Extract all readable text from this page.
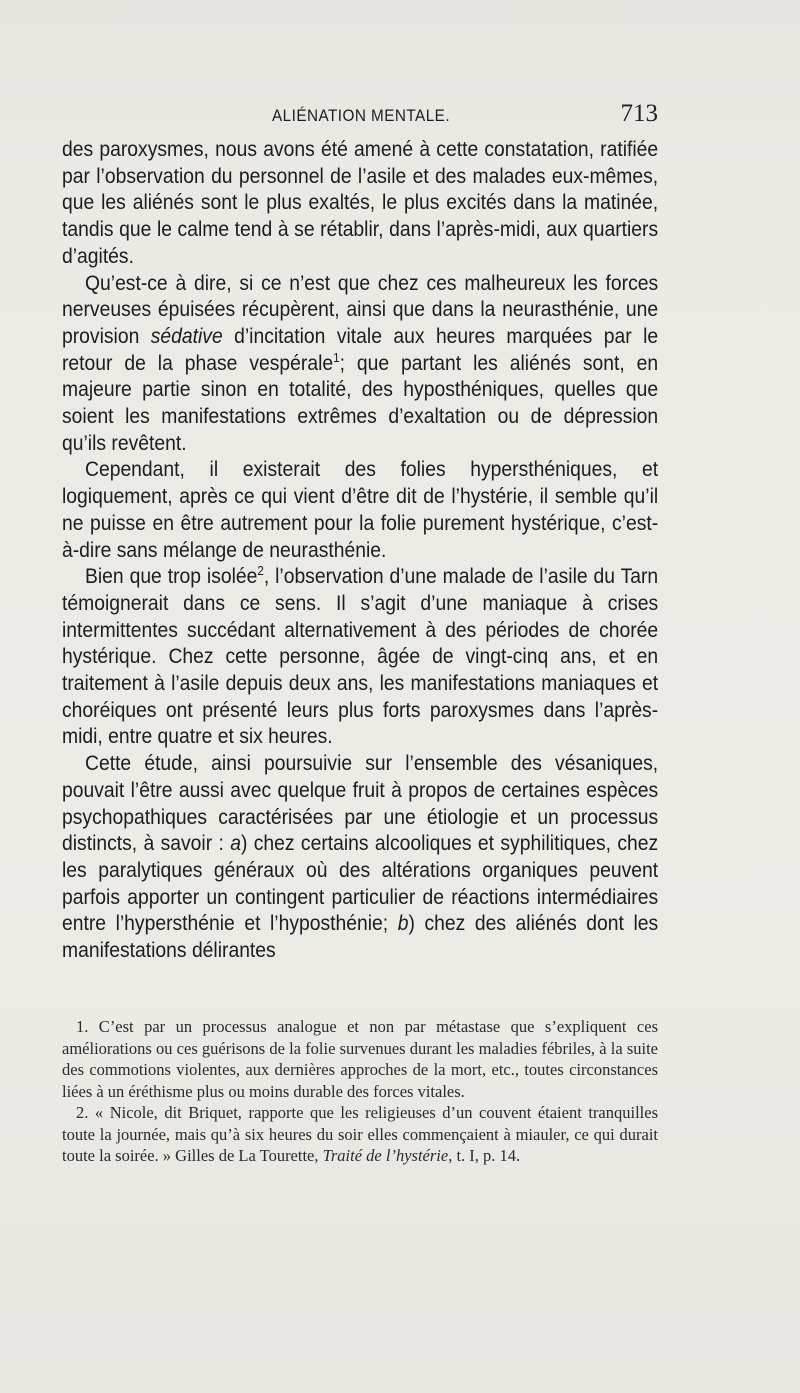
ALIÉNATION MENTALE.	713

des paroxysmes, nous avons été amené à cette constatation, ratifiée par l’observation du personnel de l’asile et des malades eux-mêmes, que les aliénés sont le plus exaltés, le plus excités dans la matinée, tandis que le calme tend à se rétablir, dans l’après-midi, aux quartiers d’agités.

Qu’est-ce à dire, si ce n’est que chez ces malheureux les forces nerveuses épuisées récupèrent, ainsi que dans la neurasthénie, une provision sédative d’incitation vitale aux heures marquées par le retour de la phase vespérale$^1$; que partant les aliénés sont, en majeure partie sinon en totalité, des hyposthéniques, quelles que soient les manifestations extrêmes d’exaltation ou de dépression qu’ils revêtent.

Cependant, il existerait des folies hypersthéniques, et logiquement, après ce qui vient d’être dit de l’hystérie, il semble qu’il ne puisse en être autrement pour la folie purement hystérique, c’est-à-dire sans mélange de neurasthénie.

Bien que trop isolée$^2$, l’observation d’une malade de l’asile du Tarn témoignerait dans ce sens. Il s’agit d’une maniaque à crises intermittentes succédant alternativement à des périodes de chorée hystérique. Chez cette personne, âgée de vingt-cinq ans, et en traitement à l’asile depuis deux ans, les manifestations maniaques et choréiques ont présenté leurs plus forts paroxysmes dans l’après-midi, entre quatre et six heures.

Cette étude, ainsi poursuivie sur l’ensemble des vésaniques, pouvait l’être aussi avec quelque fruit à propos de certaines espèces psychopathiques caractérisées par une étiologie et un processus distincts, à savoir : a) chez certains alcooliques et syphilitiques, chez les paralytiques généraux où des altérations organiques peuvent parfois apporter un contingent particulier de réactions intermédiaires entre l’hypersthénie et l’hyposthénie; b) chez des aliénés dont les manifestations délirantes

1. C’est par un processus analogue et non par métastase que s’expliquent ces améliorations ou ces guérisons de la folie survenues durant les maladies fébriles, à la suite des commotions violentes, aux dernières approches de la mort, etc., toutes circonstances liées à un éréthisme plus ou moins durable des forces vitales.

2. « Nicole, dit Briquet, rapporte que les religieuses d’un couvent étaient tranquilles toute la journée, mais qu’à six heures du soir elles commençaient à miauler, ce qui durait toute la soirée. » Gilles de La Tourette, Traité de l’hystérie, t. I, p. 14.
